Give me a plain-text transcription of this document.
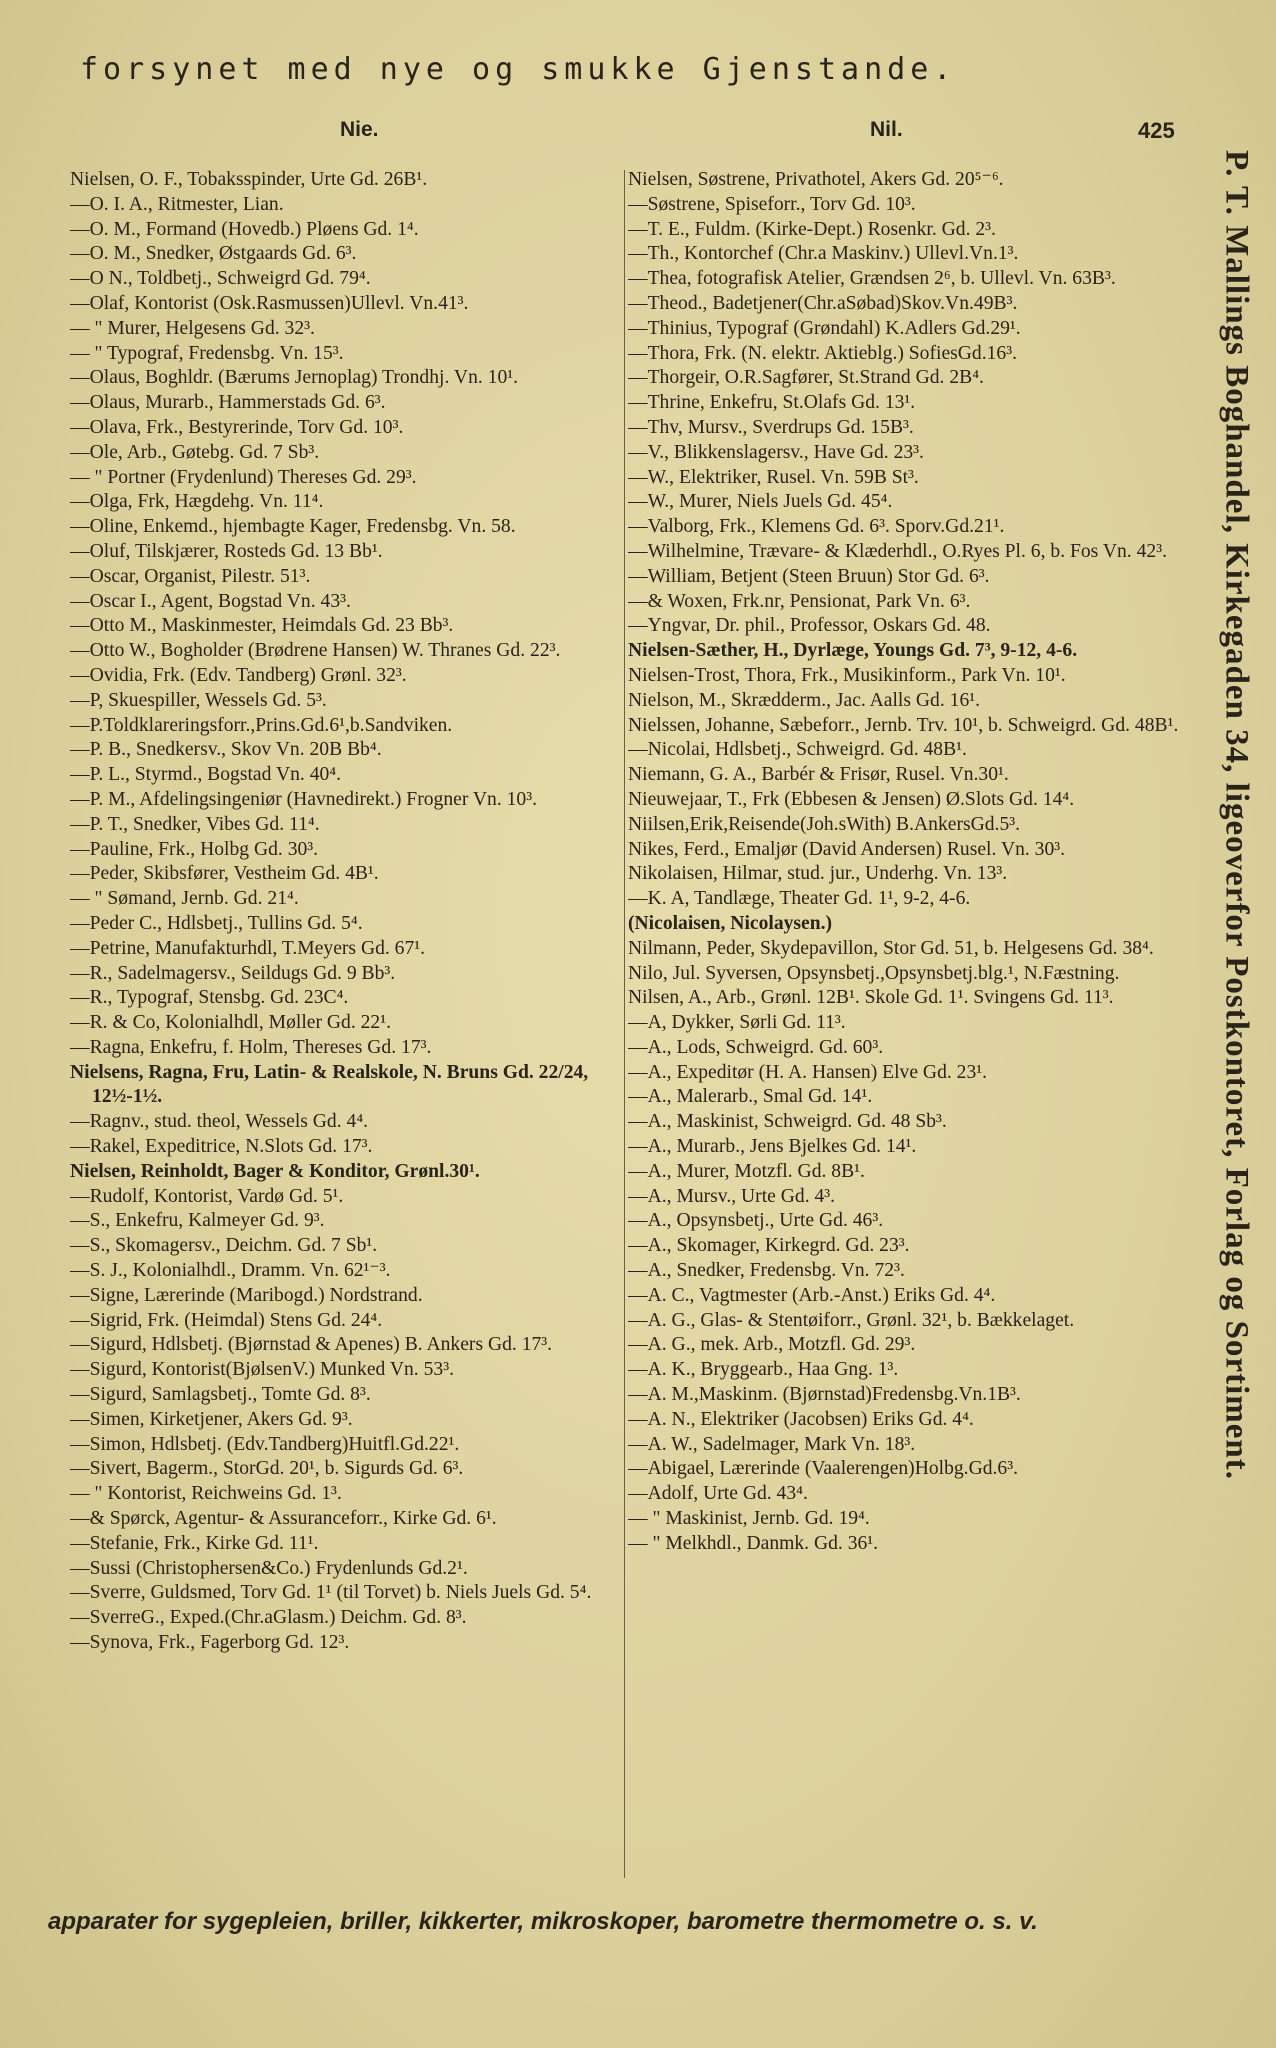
forsynet med nye og smukke Gjenstande.
Nie.	Nil.	425
Nielsen, O. F., Tobaksspinder, Urte Gd. 26B¹.
—O. I. A., Ritmester, Lian.
—O. M., Formand (Hovedb.) Pløens Gd. 1⁴.
—O. M., Snedker, Østgaards Gd. 6³.
—O N., Toldbetj., Schweigrd Gd. 79⁴.
—Olaf, Kontorist (Osk.Rasmussen)Ullevl. Vn.41³.
— " Murer, Helgesens Gd. 32³.
— " Typograf, Fredensbg. Vn. 15³.
—Olaus, Boghldr. (Bærums Jernoplag) Trondhj. Vn. 10¹.
—Olaus, Murarb., Hammerstads Gd. 6³.
—Olava, Frk., Bestyrerinde, Torv Gd. 10³.
—Ole, Arb., Gøtebg. Gd. 7 Sb³.
— " Portner (Frydenlund) Thereses Gd. 29³.
—Olga, Frk, Hægdehg. Vn. 11⁴.
—Oline, Enkemd., hjembagte Kager, Fredensbg. Vn. 58.
—Oluf, Tilskjærer, Rosteds Gd. 13 Bb¹.
—Oscar, Organist, Pilestr. 51³.
—Oscar I., Agent, Bogstad Vn. 43³.
—Otto M., Maskinmester, Heimdals Gd. 23 Bb³.
—Otto W., Bogholder (Brødrene Hansen) W. Thranes Gd. 22³.
—Ovidia, Frk. (Edv. Tandberg) Grønl. 32³.
—P, Skuespiller, Wessels Gd. 5³.
—P.Toldklareringsforr.,Prins.Gd.6¹,b.Sandviken.
—P. B., Snedkersv., Skov Vn. 20B Bb⁴.
—P. L., Styrmd., Bogstad Vn. 40⁴.
—P. M., Afdelingsingeniør (Havnedirekt.) Frogner Vn. 10³.
—P. T., Snedker, Vibes Gd. 11⁴.
—Pauline, Frk., Holbg Gd. 30³.
—Peder, Skibsfører, Vestheim Gd. 4B¹.
— " Sømand, Jernb. Gd. 21⁴.
—Peder C., Hdlsbetj., Tullins Gd. 5⁴.
—Petrine, Manufakturhdl, T.Meyers Gd. 67¹.
—R., Sadelmagersv., Seildugs Gd. 9 Bb³.
—R., Typograf, Stensbg. Gd. 23C⁴.
—R. & Co, Kolonialhdl, Møller Gd. 22¹.
—Ragna, Enkefru, f. Holm, Thereses Gd. 17³.
Nielsens, Ragna, Fru, Latin- & Realskole, N. Bruns Gd. 22/24, 12½-1½.
—Ragnv., stud. theol, Wessels Gd. 4⁴.
—Rakel, Expeditrice, N.Slots Gd. 17³.
Nielsen, Reinholdt, Bager & Konditor, Grønl.30¹.
—Rudolf, Kontorist, Vardø Gd. 5¹.
—S., Enkefru, Kalmeyer Gd. 9³.
—S., Skomagersv., Deichm. Gd. 7 Sb¹.
—S. J., Kolonialhdl., Dramm. Vn. 62¹⁻³.
—Signe, Lærerinde (Maribogd.) Nordstrand.
—Sigrid, Frk. (Heimdal) Stens Gd. 24⁴.
—Sigurd, Hdlsbetj. (Bjørnstad & Apenes) B. Ankers Gd. 17³.
—Sigurd, Kontorist(BjølsenV.) Munked Vn. 53³.
—Sigurd, Samlagsbetj., Tomte Gd. 8³.
—Simen, Kirketjener, Akers Gd. 9³.
—Simon, Hdlsbetj. (Edv.Tandberg)Huitfl.Gd.22¹.
—Sivert, Bagerm., StorGd. 20¹, b. Sigurds Gd. 6³.
— " Kontorist, Reichweins Gd. 1³.
—& Spørck, Agentur- & Assuranceforr., Kirke Gd. 6¹.
—Stefanie, Frk., Kirke Gd. 11¹.
—Sussi (Christophersen&Co.) Frydenlunds Gd.2¹.
—Sverre, Guldsmed, Torv Gd. 1¹ (til Torvet) b. Niels Juels Gd. 5⁴.
—SverreG., Exped.(Chr.aGlasm.) Deichm. Gd. 8³.
—Synova, Frk., Fagerborg Gd. 12³.
Nielsen, Søstrene, Privathotel, Akers Gd. 20⁵⁻⁶.
—Søstrene, Spiseforr., Torv Gd. 10³.
—T. E., Fuldm. (Kirke-Dept.) Rosenkr. Gd. 2³.
—Th., Kontorchef (Chr.a Maskinv.) Ullevl.Vn.1³.
—Thea, fotografisk Atelier, Grændsen 2⁶, b. Ullevl. Vn. 63B³.
—Theod., Badetjener(Chr.aSøbad)Skov.Vn.49B³.
—Thinius, Typograf (Grøndahl) K.Adlers Gd.29¹.
—Thora, Frk. (N. elektr. Aktieblg.) SofiesGd.16³.
—Thorgeir, O.R.Sagfører, St.Strand Gd. 2B⁴.
—Thrine, Enkefru, St.Olafs Gd. 13¹.
—Thv, Mursv., Sverdrups Gd. 15B³.
—V., Blikkenslagersv., Have Gd. 23³.
—W., Elektriker, Rusel. Vn. 59B St³.
—W., Murer, Niels Juels Gd. 45⁴.
—Valborg, Frk., Klemens Gd. 6³. Sporv.Gd.21¹.
—Wilhelmine, Trævare- & Klæderhdl., O.Ryes Pl. 6, b. Fos Vn. 42³.
—William, Betjent (Steen Bruun) Stor Gd. 6³.
—& Woxen, Frk.nr, Pensionat, Park Vn. 6³.
—Yngvar, Dr. phil., Professor, Oskars Gd. 48.
Nielsen-Sæther, H., Dyrlæge, Youngs Gd. 7³, 9-12, 4-6.
Nielsen-Trost, Thora, Frk., Musikinform., Park Vn. 10¹.
Nielson, M., Skrædderm., Jac. Aalls Gd. 16¹.
Nielssen, Johanne, Sæbeforr., Jernb. Trv. 10¹, b. Schweigrd. Gd. 48B¹.
—Nicolai, Hdlsbetj., Schweigrd. Gd. 48B¹.
Niemann, G. A., Barbér & Frisør, Rusel. Vn.30¹.
Nieuwejaar, T., Frk (Ebbesen & Jensen) Ø.Slots Gd. 14⁴.
Niilsen,Erik,Reisende(Joh.sWith) B.AnkersGd.5³.
Nikes, Ferd., Emaljør (David Andersen) Rusel. Vn. 30³.
Nikolaisen, Hilmar, stud. jur., Underhg. Vn. 13³.
—K. A, Tandlæge, Theater Gd. 1¹, 9-2, 4-6.
(Nicolaisen, Nicolaysen.)
Nilmann, Peder, Skydepavillon, Stor Gd. 51, b. Helgesens Gd. 38⁴.
Nilo, Jul. Syversen, Opsynsbetj.,Opsynsbetj.blg.¹, N.Fæstning.
Nilsen, A., Arb., Grønl. 12B¹. Skole Gd. 1¹. Svingens Gd. 11³.
—A, Dykker, Sørli Gd. 11³.
—A., Lods, Schweigrd. Gd. 60³.
—A., Expeditør (H. A. Hansen) Elve Gd. 23¹.
—A., Malerarb., Smal Gd. 14¹.
—A., Maskinist, Schweigrd. Gd. 48 Sb³.
—A., Murarb., Jens Bjelkes Gd. 14¹.
—A., Murer, Motzfl. Gd. 8B¹.
—A., Mursv., Urte Gd. 4³.
—A., Opsynsbetj., Urte Gd. 46³.
—A., Skomager, Kirkegrd. Gd. 23³.
—A., Snedker, Fredensbg. Vn. 72³.
—A. C., Vagtmester (Arb.-Anst.) Eriks Gd. 4⁴.
—A. G., Glas- & Stentøiforr., Grønl. 32¹, b. Bækkelaget.
—A. G., mek. Arb., Motzfl. Gd. 29³.
—A. K., Bryggearb., Haa Gng. 1³.
—A. M.,Maskinm. (Bjørnstad)Fredensbg.Vn.1B³.
—A. N., Elektriker (Jacobsen) Eriks Gd. 4⁴.
—A. W., Sadelmager, Mark Vn. 18³.
—Abigael, Lærerinde (Vaalerengen)Holbg.Gd.6³.
—Adolf, Urte Gd. 43⁴.
— " Maskinist, Jernb. Gd. 19⁴.
— " Melkhdl., Danmk. Gd. 36¹.
P. T. Mallings Boghandel, Kirkegaden 34, ligeoverfor Postkontoret, Forlag og Sortiment.
apparater for sygepleien, briller, kikkerter, mikroskoper, barometre thermometre o. s. v.
